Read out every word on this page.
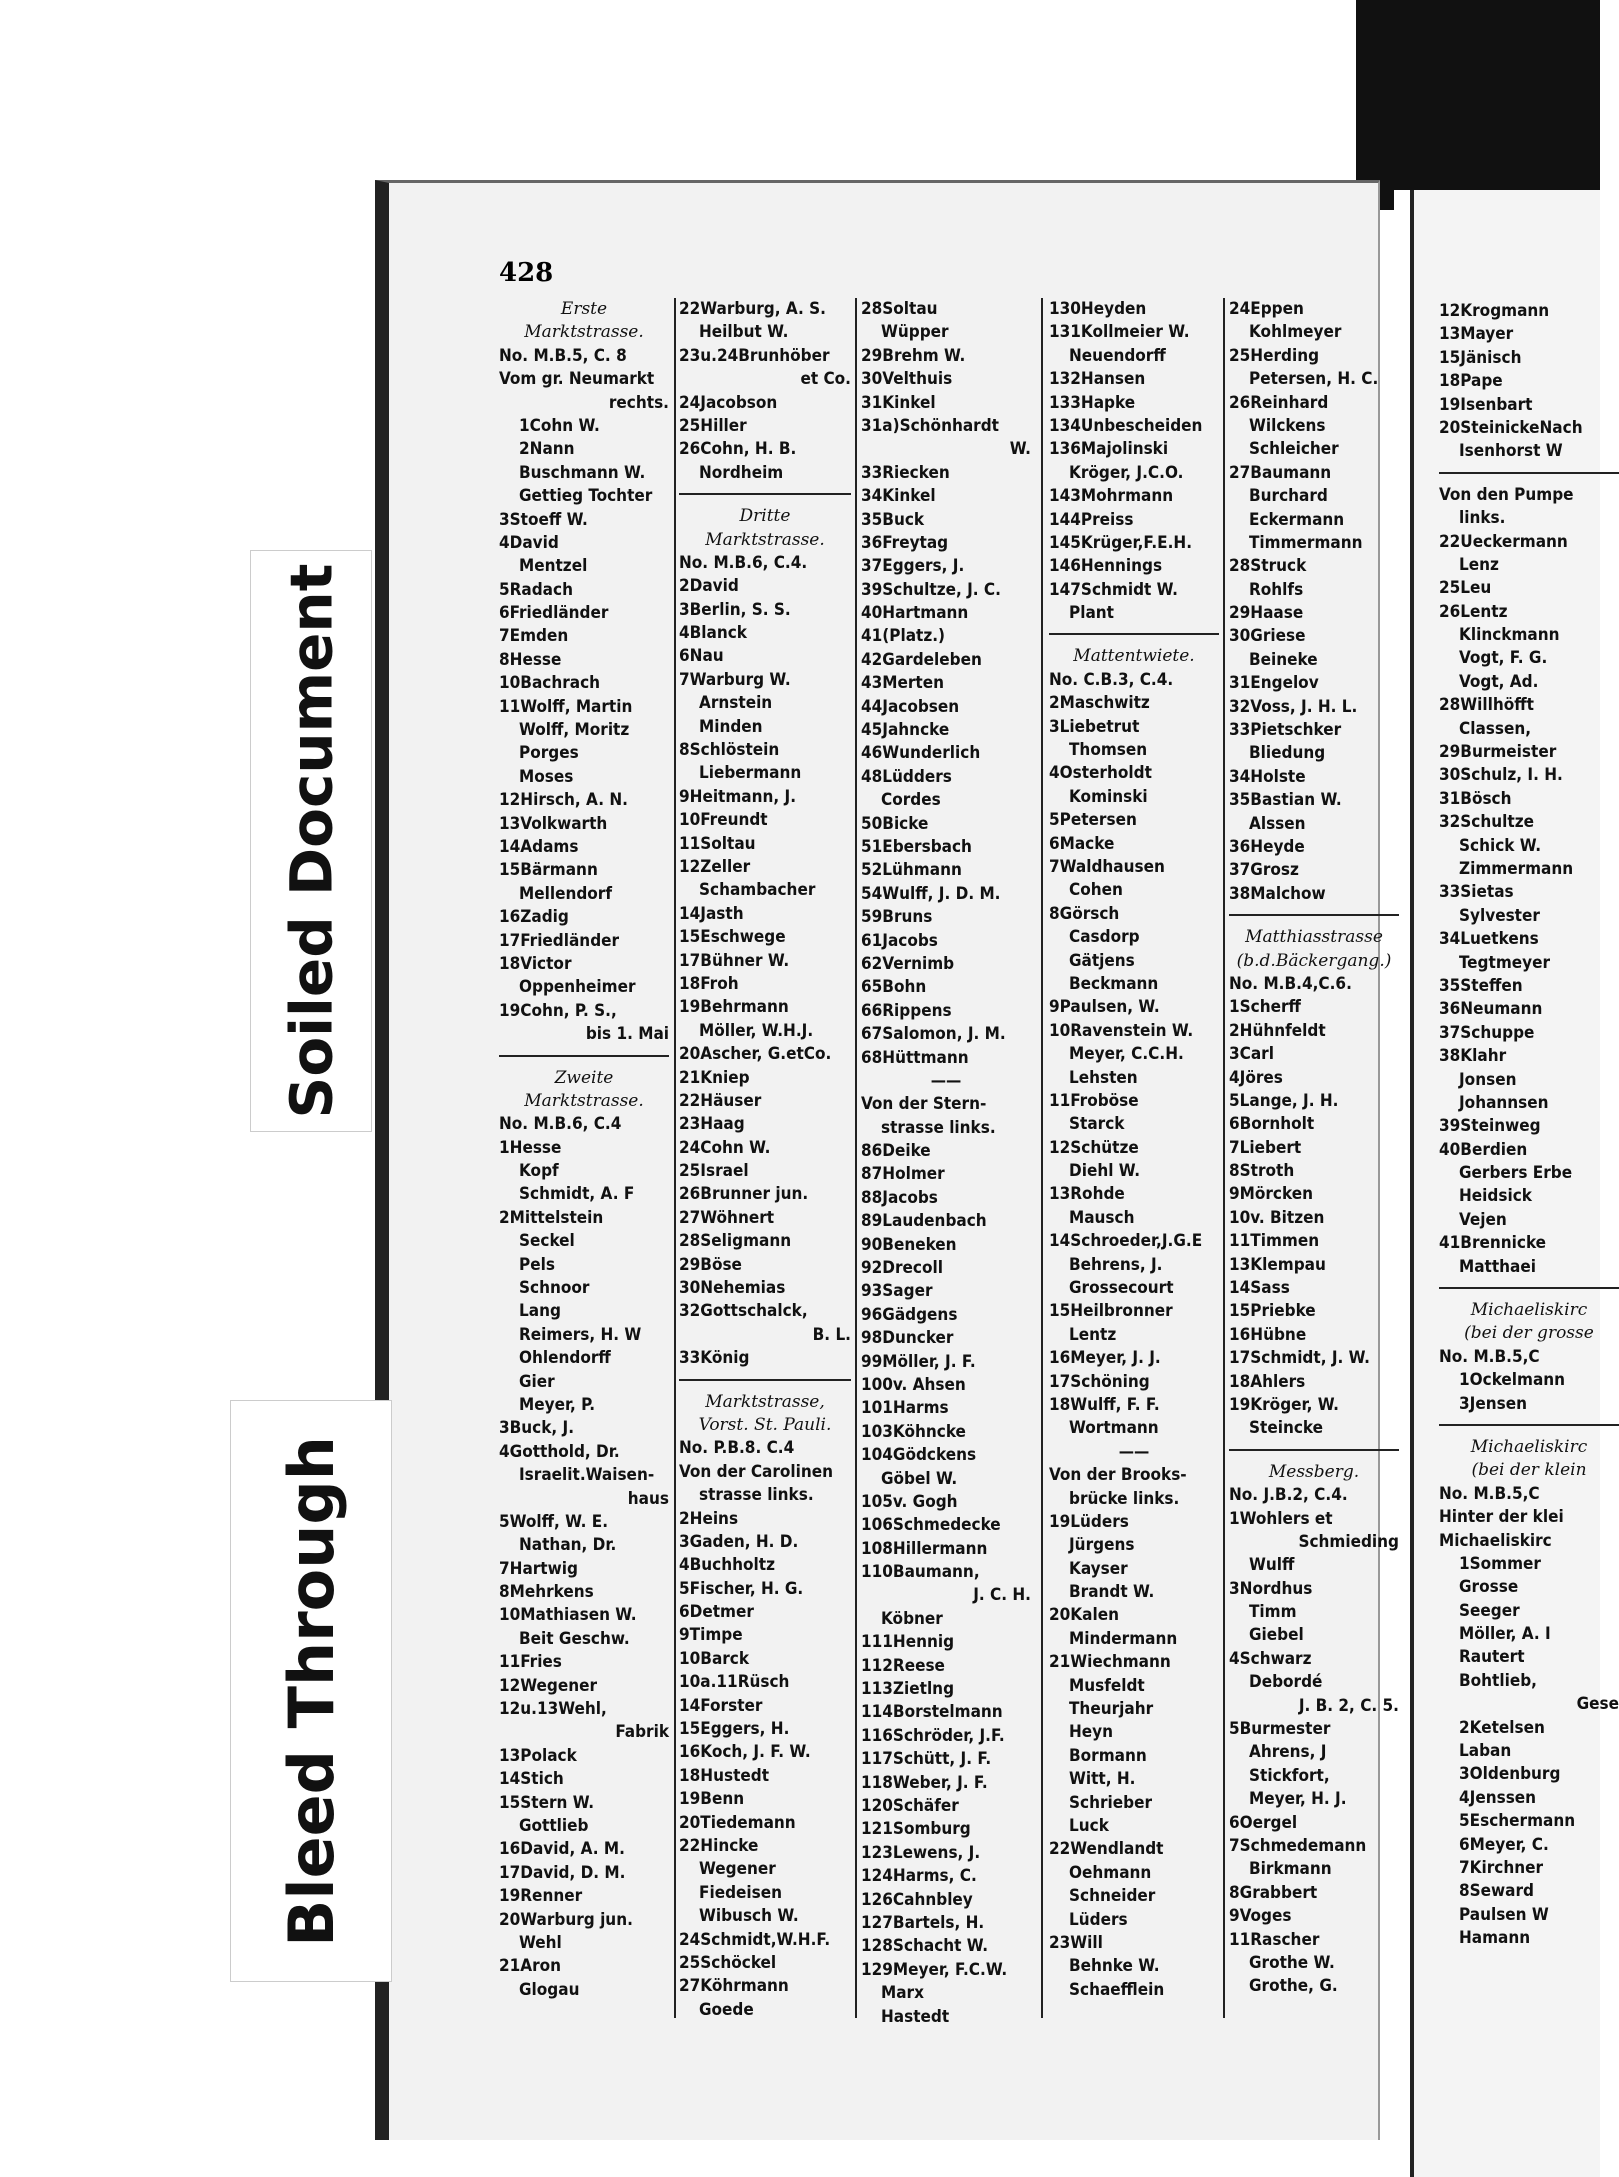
428
Erste
Marktstrasse.
No. M.B.5, C. 8
Vom gr. Neumarkt
rechts.
1Cohn W.
2Nann
Buschmann W.
Gettieg Tochter
3Stoeff W.
4David
Mentzel
5Radach
6Friedländer
7Emden
8Hesse
10Bachrach
11Wolff, Martin
Wolff, Moritz
Porges
Moses
12Hirsch, A. N.
13Volkwarth
14Adams
15Bärmann
Mellendorf
16Zadig
17Friedländer
18Victor
Oppenheimer
19Cohn, P. S.,
bis 1. Mai
Zweite
Marktstrasse.
No. M.B.6, C.4
1Hesse
Kopf
Schmidt, A. F
2Mittelstein
Seckel
Pels
Schnoor
Lang
Reimers, H. W
Ohlendorff
Gier
Meyer, P.
3Buck, J.
4Gotthold, Dr.
Israelit.Waisen-
haus
5Wolff, W. E.
Nathan, Dr.
7Hartwig
8Mehrkens
10Mathiasen W.
Beit Geschw.
11Fries
12Wegener
12u.13Wehl,
Fabrik
13Polack
14Stich
15Stern W.
Gottlieb
16David, A. M.
17David, D. M.
19Renner
20Warburg jun.
Wehl
21Aron
Glogau
22Warburg, A. S.
Heilbut W.
23u.24Brunhöber
et Co.
24Jacobson
25Hiller
26Cohn, H. B.
Nordheim
Dritte
Marktstrasse.
No. M.B.6, C.4.
2David
3Berlin, S. S.
4Blanck
6Nau
7Warburg W.
Arnstein
Minden
8Schlöstein
Liebermann
9Heitmann, J.
10Freundt
11Soltau
12Zeller
Schambacher
14Jasth
15Eschwege
17Bühner W.
18Froh
19Behrmann
Möller, W.H.J.
20Ascher, G.etCo.
21Kniep
22Häuser
23Haag
24Cohn W.
25Israel
26Brunner jun.
27Wöhnert
28Seligmann
29Böse
30Nehemias
32Gottschalck,
B. L.
33König
Marktstrasse,
Vorst. St. Pauli.
No. P.B.8. C.4
Von der Carolinen
strasse links.
2Heins
3Gaden, H. D.
4Buchholtz
5Fischer, H. G.
6Detmer
9Timpe
10Barck
10a.11Rüsch
14Forster
15Eggers, H.
16Koch, J. F. W.
18Hustedt
19Benn
20Tiedemann
22Hincke
Wegener
Fiedeisen
Wibusch W.
24Schmidt,W.H.F.
25Schöckel
27Köhrmann
Goede
28Soltau
Wüpper
29Brehm W.
30Velthuis
31Kinkel
31a)Schönhardt
W.
33Riecken
34Kinkel
35Buck
36Freytag
37Eggers, J.
39Schultze, J. C.
40Hartmann
41(Platz.)
42Gardeleben
43Merten
44Jacobsen
45Jahncke
46Wunderlich
48Lüdders
Cordes
50Bicke
51Ebersbach
52Lühmann
54Wulff, J. D. M.
59Bruns
61Jacobs
62Vernimb
65Bohn
66Rippens
67Salomon, J. M.
68Hüttmann
——
Von der Stern-
strasse links.
86Deike
87Holmer
88Jacobs
89Laudenbach
90Beneken
92Drecoll
93Sager
96Gädgens
98Duncker
99Möller, J. F.
100v. Ahsen
101Harms
103Köhncke
104Gödckens
Göbel W.
105v. Gogh
106Schmedecke
108Hillermann
110Baumann,
J. C. H.
Köbner
111Hennig
112Reese
113Zietlng
114Borstelmann
116Schröder, J.F.
117Schütt, J. F.
118Weber, J. F.
120Schäfer
121Somburg
123Lewens, J.
124Harms, C.
126Cahnbley
127Bartels, H.
128Schacht W.
129Meyer, F.C.W.
Marx
Hastedt
130Heyden
131Kollmeier W.
Neuendorff
132Hansen
133Hapke
134Unbescheiden
136Majolinski
Kröger, J.C.O.
143Mohrmann
144Preiss
145Krüger,F.E.H.
146Hennings
147Schmidt W.
Plant
Mattentwiete.
No. C.B.3, C.4.
2Maschwitz
3Liebetrut
Thomsen
4Osterholdt
Kominski
5Petersen
6Macke
7Waldhausen
Cohen
8Görsch
Casdorp
Gätjens
Beckmann
9Paulsen, W.
10Ravenstein W.
Meyer, C.C.H.
Lehsten
11Froböse
Starck
12Schütze
Diehl W.
13Rohde
Mausch
14Schroeder,J.G.E
Behrens, J.
Grossecourt
15Heilbronner
Lentz
16Meyer, J. J.
17Schöning
18Wulff, F. F.
Wortmann
——
Von der Brooks-
brücke links.
19Lüders
Jürgens
Kayser
Brandt W.
20Kalen
Mindermann
21Wiechmann
Musfeldt
Theurjahr
Heyn
Bormann
Witt, H.
Schrieber
Luck
22Wendlandt
Oehmann
Schneider
Lüders
23Will
Behnke W.
Schaefflein
24Eppen
Kohlmeyer
25Herding
Petersen, H. C.
26Reinhard
Wilckens
Schleicher
27Baumann
Burchard
Eckermann
Timmermann
28Struck
Rohlfs
29Haase
30Griese
Beineke
31Engelov
32Voss, J. H. L.
33Pietschker
Bliedung
34Holste
35Bastian W.
Alssen
36Heyde
37Grosz
38Malchow
Matthiasstrasse
(b.d.Bäckergang.)
No. M.B.4,C.6.
1Scherff
2Hühnfeldt
3Carl
4Jöres
5Lange, J. H.
6Bornholt
7Liebert
8Stroth
9Mörcken
10v. Bitzen
11Timmen
13Klempau
14Sass
15Priebke
16Hübne
17Schmidt, J. W.
18Ahlers
19Kröger, W.
Steincke
Messberg.
No. J.B.2, C.4.
1Wohlers et
Schmieding
Wulff
3Nordhus
Timm
Giebel
4Schwarz
Debordé
J. B. 2, C. 5.
5Burmester
Ahrens, J
Stickfort,
Meyer, H. J.
6Oergel
7Schmedemann
Birkmann
8Grabbert
9Voges
11Rascher
Grothe W.
Grothe, G.
12Krogmann
13Mayer
15Jänisch
18Pape
19Isenbart
20SteinickeNach
Isenhorst W
Von den Pumpe
links.
22Ueckermann
Lenz
25Leu
26Lentz
Klinckmann
Vogt, F. G.
Vogt, Ad.
28Willhöfft
Classen,
29Burmeister
30Schulz, I. H.
31Bösch
32Schultze
Schick W.
Zimmermann
33Sietas
Sylvester
34Luetkens
Tegtmeyer
35Steffen
36Neumann
37Schuppe
38Klahr
Jonsen
Johannsen
39Steinweg
40Berdien
Gerbers Erbe
Heidsick
Vejen
41Brennicke
Matthaei
Michaeliskirc
(bei der grosse
No. M.B.5,C
1Ockelmann
3Jensen
Michaeliskirc
(bei der klein
No. M.B.5,C
Hinter der klei
Michaeliskirc
1Sommer
Grosse
Seeger
Möller, A. I
Rautert
Bohtlieb,
Gese
2Ketelsen
Laban
3Oldenburg
4Jenssen
5Eschermann
6Meyer, C.
7Kirchner
8Seward
Paulsen W
Hamann
Soiled Document
Bleed Through
